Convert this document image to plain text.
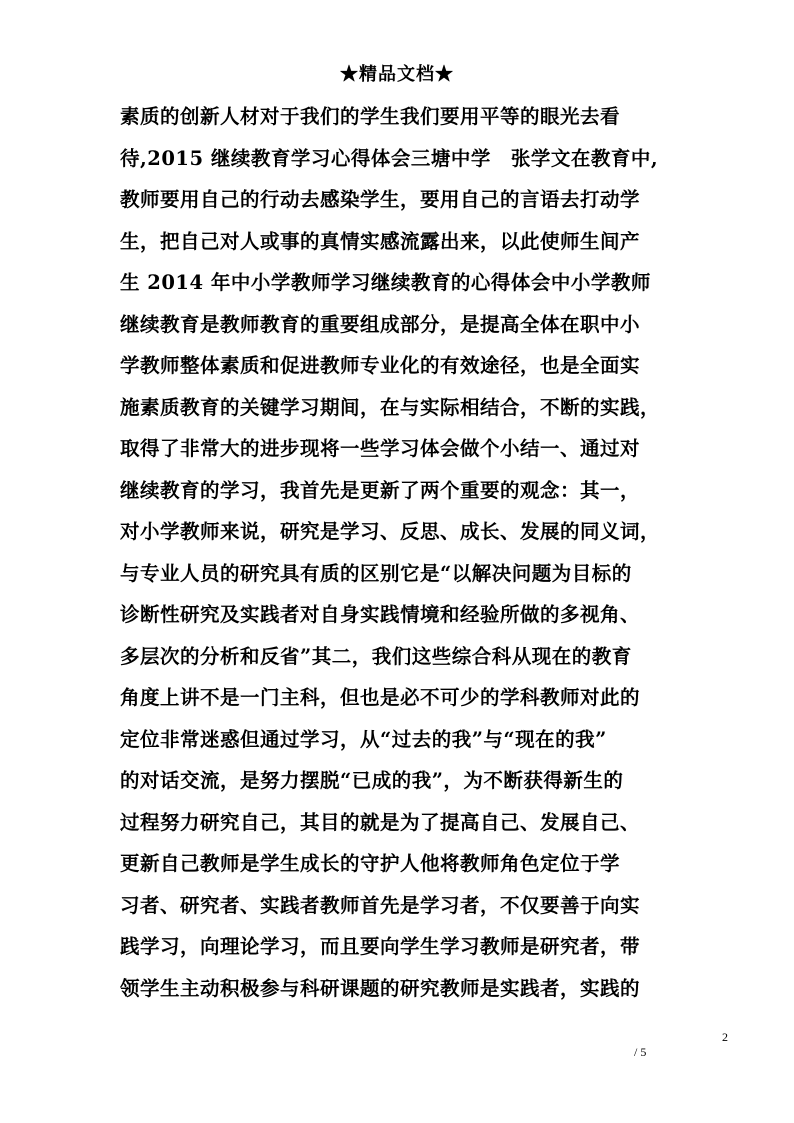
★精品文档★
素质的创新人材对于我们的学生我们要用平等的眼光去看
待,2015 继续教育学习心得体会三塘中学　张学文在教育中,
教师要用自己的行动去感染学生，要用自己的言语去打动学
生，把自己对人或事的真情实感流露出来，以此使师生间产
生 2014 年中小学教师学习继续教育的心得体会中小学教师
继续教育是教师教育的重要组成部分，是提高全体在职中小
学教师整体素质和促进教师专业化的有效途径，也是全面实
施素质教育的关键学习期间，在与实际相结合，不断的实践，
取得了非常大的进步现将一些学习体会做个小结一、通过对
继续教育的学习，我首先是更新了两个重要的观念：其一，
对小学教师来说，研究是学习、反思、成长、发展的同义词，
与专业人员的研究具有质的区别它是“以解决问题为目标的
诊断性研究及实践者对自身实践情境和经验所做的多视角、
多层次的分析和反省”其二，我们这些综合科从现在的教育
角度上讲不是一门主科，但也是必不可少的学科教师对此的
定位非常迷惑但通过学习，从“过去的我”与“现在的我”
的对话交流，是努力摆脱“已成的我”，为不断获得新生的
过程努力研究自己，其目的就是为了提高自己、发展自己、
更新自己教师是学生成长的守护人他将教师角色定位于学
习者、研究者、实践者教师首先是学习者，不仅要善于向实
践学习，向理论学习，而且要向学生学习教师是研究者，带
领学生主动积极参与科研课题的研究教师是实践者，实践的
2
/ 5
